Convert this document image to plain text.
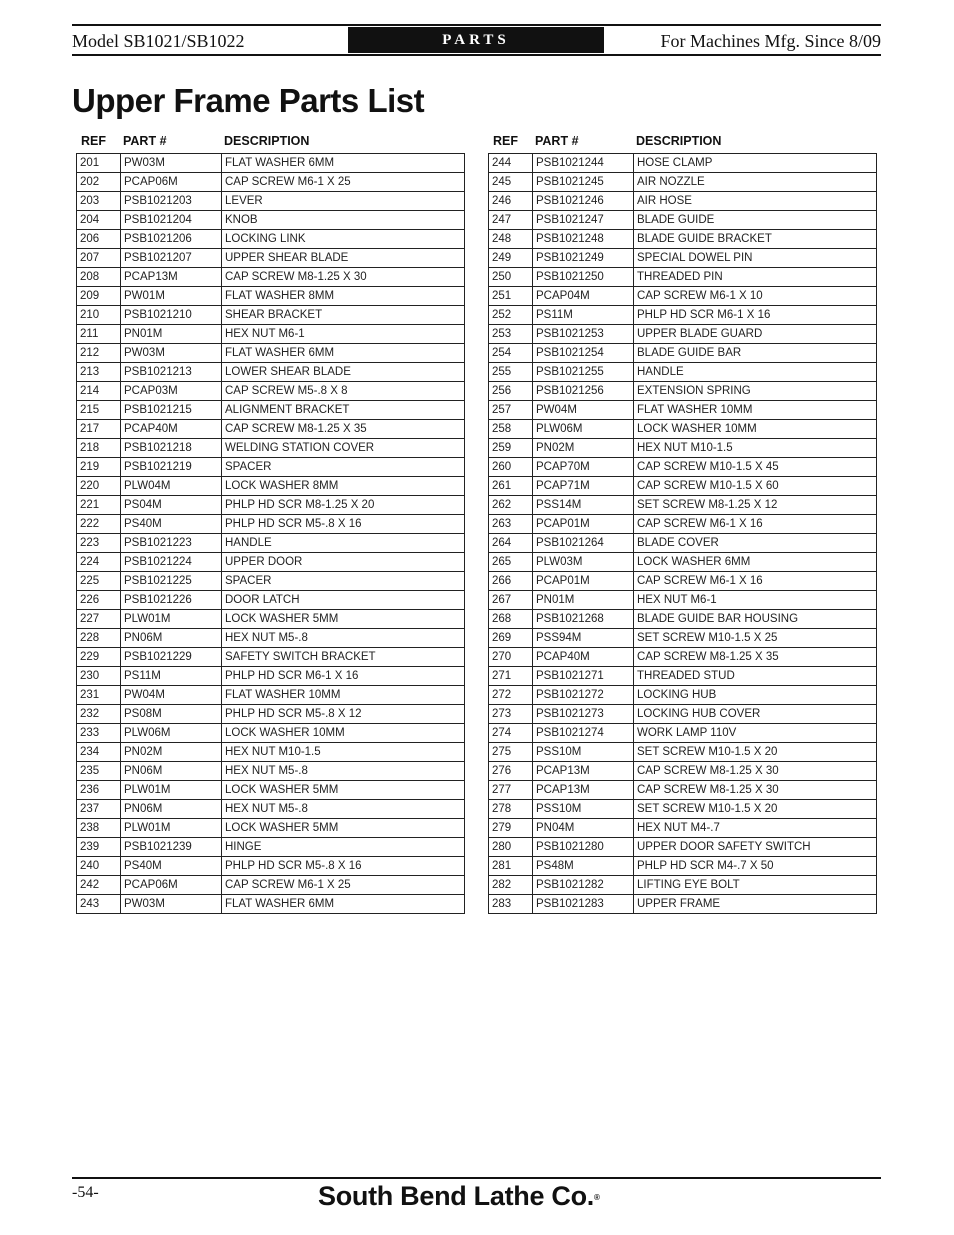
Model SB1021/SB1022	PARTS	For Machines Mfg. Since 8/09
Upper Frame Parts List
REF PART #	DESCRIPTION
201	PW03M	FLAT WASHER 6MM
202	PCAP06M	CAP SCREW M6-1 X 25
203	PSB1021203	LEVER
204	PSB1021204	KNOB
206	PSB1021206	LOCKING LINK
207	PSB1021207	UPPER SHEAR BLADE
208	PCAP13M	CAP SCREW M8-1.25 X 30
209	PW01M	FLAT WASHER 8MM
210	PSB1021210	SHEAR BRACKET
211	PN01M	HEX NUT M6-1
212	PW03M	FLAT WASHER 6MM
213	PSB1021213	LOWER SHEAR BLADE
214	PCAP03M	CAP SCREW M5-.8 X 8
215	PSB1021215	ALIGNMENT BRACKET
217	PCAP40M	CAP SCREW M8-1.25 X 35
218	PSB1021218	WELDING STATION COVER
219	PSB1021219	SPACER
220	PLW04M	LOCK WASHER 8MM
221	PS04M	PHLP HD SCR M8-1.25 X 20
222	PS40M	PHLP HD SCR M5-.8 X 16
223	PSB1021223	HANDLE
224	PSB1021224	UPPER DOOR
225	PSB1021225	SPACER
226	PSB1021226	DOOR LATCH
227	PLW01M	LOCK WASHER 5MM
228	PN06M	HEX NUT M5-.8
229	PSB1021229	SAFETY SWITCH BRACKET
230	PS11M	PHLP HD SCR M6-1 X 16
231	PW04M	FLAT WASHER 10MM
232	PS08M	PHLP HD SCR M5-.8 X 12
233	PLW06M	LOCK WASHER 10MM
234	PN02M	HEX NUT M10-1.5
235	PN06M	HEX NUT M5-.8
236	PLW01M	LOCK WASHER 5MM
237	PN06M	HEX NUT M5-.8
238	PLW01M	LOCK WASHER 5MM
239	PSB1021239	HINGE
240	PS40M	PHLP HD SCR M5-.8 X 16
242	PCAP06M	CAP SCREW M6-1 X 25
243	PW03M	FLAT WASHER 6MM
REF PART #	DESCRIPTION
244	PSB1021244	HOSE CLAMP
245	PSB1021245	AIR NOZZLE
246	PSB1021246	AIR HOSE
247	PSB1021247	BLADE GUIDE
248	PSB1021248	BLADE GUIDE BRACKET
249	PSB1021249	SPECIAL DOWEL PIN
250	PSB1021250	THREADED PIN
251	PCAP04M	CAP SCREW M6-1 X 10
252	PS11M	PHLP HD SCR M6-1 X 16
253	PSB1021253	UPPER BLADE GUARD
254	PSB1021254	BLADE GUIDE BAR
255	PSB1021255	HANDLE
256	PSB1021256	EXTENSION SPRING
257	PW04M	FLAT WASHER 10MM
258	PLW06M	LOCK WASHER 10MM
259	PN02M	HEX NUT M10-1.5
260	PCAP70M	CAP SCREW M10-1.5 X 45
261	PCAP71M	CAP SCREW M10-1.5 X 60
262	PSS14M	SET SCREW M8-1.25 X 12
263	PCAP01M	CAP SCREW M6-1 X 16
264	PSB1021264	BLADE COVER
265	PLW03M	LOCK WASHER 6MM
266	PCAP01M	CAP SCREW M6-1 X 16
267	PN01M	HEX NUT M6-1
268	PSB1021268	BLADE GUIDE BAR HOUSING
269	PSS94M	SET SCREW M10-1.5 X 25
270	PCAP40M	CAP SCREW M8-1.25 X 35
271	PSB1021271	THREADED STUD
272	PSB1021272	LOCKING HUB
273	PSB1021273	LOCKING HUB COVER
274	PSB1021274	WORK LAMP 110V
275	PSS10M	SET SCREW M10-1.5 X 20
276	PCAP13M	CAP SCREW M8-1.25 X 30
277	PCAP13M	CAP SCREW M8-1.25 X 30
278	PSS10M	SET SCREW M10-1.5 X 20
279	PN04M	HEX NUT M4-.7
280	PSB1021280	UPPER DOOR SAFETY SWITCH
281	PS48M	PHLP HD SCR M4-.7 X 50
282	PSB1021282	LIFTING EYE BOLT
283	PSB1021283	UPPER FRAME
-54-	South Bend Lathe Co.®
